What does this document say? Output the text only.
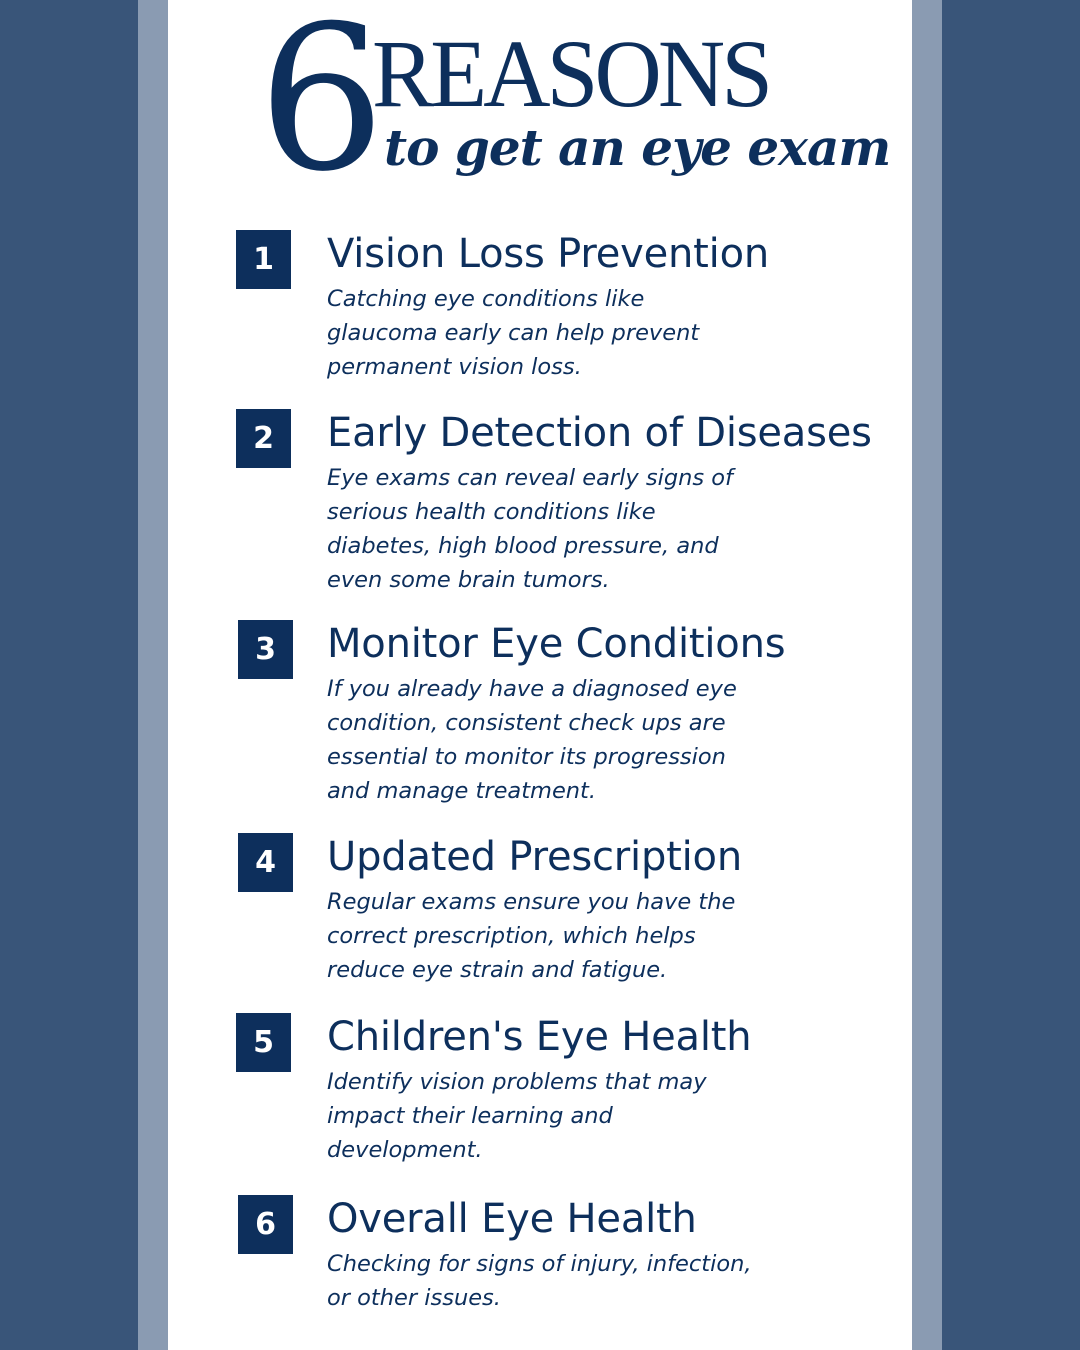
6
REASONS
to get an eye exam
1	Vision Loss Prevention
Catching eye conditions like
glaucoma early can help prevent
permanent vision loss.
2	Early Detection of Diseases
Eye exams can reveal early signs of
serious health conditions like
diabetes, high blood pressure, and
even some brain tumors.
3	Monitor Eye Conditions
If you already have a diagnosed eye
condition, consistent check ups are
essential to monitor its progression
and manage treatment.
4	Updated Prescription
Regular exams ensure you have the
correct prescription, which helps
reduce eye strain and fatigue.
5	Children's Eye Health
Identify vision problems that may
impact their learning and
development.
6	Overall Eye Health
Checking for signs of injury, infection,
or other issues.
